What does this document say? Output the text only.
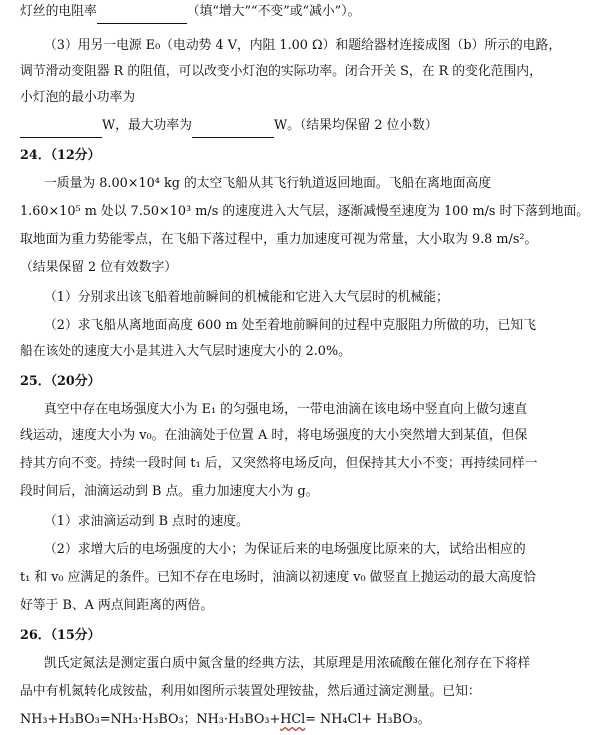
灯丝的电阻率	（填“增大”“不变”或“减小”）。
（3）用另一电源 E₀（电动势 4 V，内阻 1.00 Ω）和题给器材连接成图（b）所示的电路，
调节滑动变阻器 R 的阻值，可以改变小灯泡的实际功率。闭合开关 S，在 R 的变化范围内，
小灯泡的最小功率为
W，最大功率为	W。（结果均保留 2 位小数）
24．（12分）
一质量为 8.00×10⁴ kg 的太空飞船从其飞行轨道返回地面。飞船在离地面高度
1.60×10⁵ m 处以 7.50×10³ m/s 的速度进入大气层，逐渐减慢至速度为 100 m/s 时下落到地面。
取地面为重力势能零点，在飞船下落过程中，重力加速度可视为常量，大小取为 9.8 m/s²。
（结果保留 2 位有效数字）
（1）分别求出该飞船着地前瞬间的机械能和它进入大气层时的机械能；
（2）求飞船从离地面高度 600 m 处至着地前瞬间的过程中克服阻力所做的功，已知飞
船在该处的速度大小是其进入大气层时速度大小的 2.0%。
25．（20分）
真空中存在电场强度大小为 E₁ 的匀强电场，一带电油滴在该电场中竖直向上做匀速直
线运动，速度大小为 v₀。在油滴处于位置 A 时，将电场强度的大小突然增大到某值，但保
持其方向不变。持续一段时间 t₁ 后，又突然将电场反向，但保持其大小不变；再持续同样一
段时间后，油滴运动到 B 点。重力加速度大小为 g。
（1）求油滴运动到 B 点时的速度。
（2）求增大后的电场强度的大小；为保证后来的电场强度比原来的大，试给出相应的
t₁ 和 v₀ 应满足的条件。已知不存在电场时，油滴以初速度 v₀ 做竖直上抛运动的最大高度恰
好等于 B、A 两点间距离的两倍。
26．（15分）
凯氏定氮法是测定蛋白质中氮含量的经典方法，其原理是用浓硫酸在催化剂存在下将样
品中有机氮转化成铵盐，利用如图所示装置处理铵盐，然后通过滴定测量。已知：
NH₃+H₃BO₃=NH₃·H₃BO₃；NH₃·H₃BO₃+HCl= NH₄Cl+ H₃BO₃。
